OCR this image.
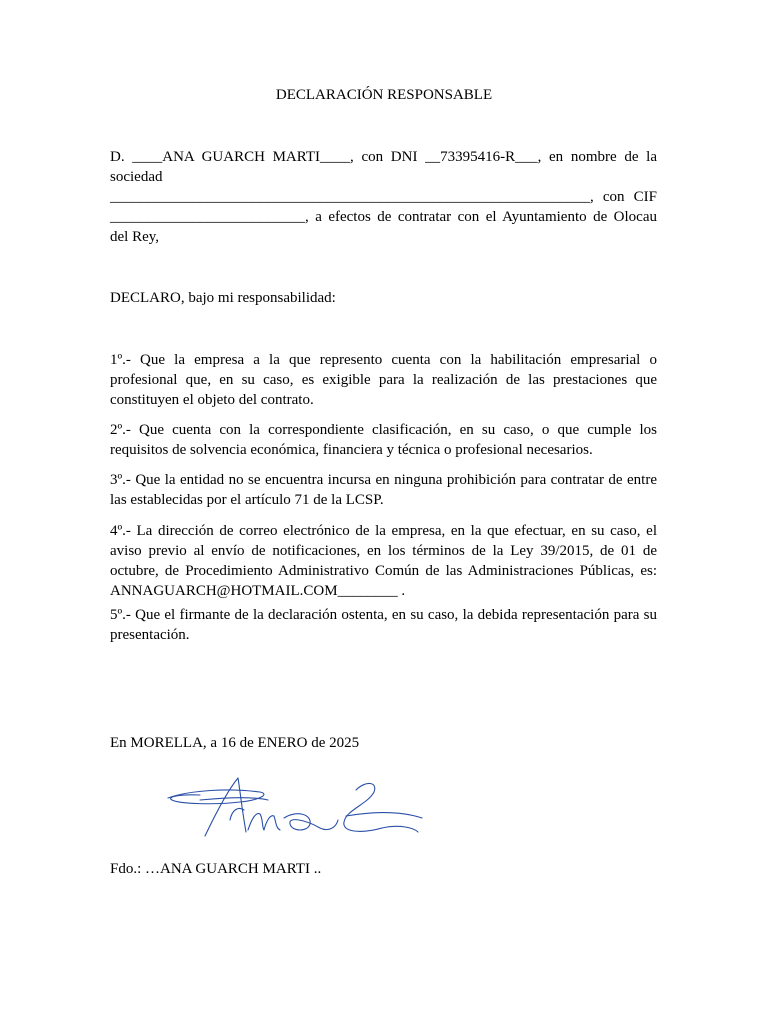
DECLARACIÓN RESPONSABLE
D. ____ANA GUARCH MARTI____, con DNI __73395416-R___, en nombre de la
sociedad
________________________________________________________________, con CIF
__________________________, a efectos de contratar con el Ayuntamiento de Olocau
del Rey,
DECLARO, bajo mi responsabilidad:

1º.- Que la empresa a la que represento cuenta con la habilitación empresarial o profesional que, en su caso, es exigible para la realización de las prestaciones que constituyen el objeto del contrato.

2º.- Que cuenta con la correspondiente clasificación, en su caso, o que cumple los requisitos de solvencia económica, financiera y técnica o profesional necesarios.

3º.- Que la entidad no se encuentra incursa en ninguna prohibición para contratar de entre las establecidas por el artículo 71 de la LCSP.

4º.- La dirección de correo electrónico de la empresa, en la que efectuar, en su caso, el aviso previo al envío de notificaciones, en los términos de la Ley 39/2015, de 01 de octubre, de Procedimiento Administrativo Común de las Administraciones Públicas, es: ANNAGUARCH@HOTMAIL.COM________ .

5º.- Que el firmante de la declaración ostenta, en su caso, la debida representación para su presentación.

En MORELLA, a 16 de ENERO de 2025
Fdo.: …ANA GUARCH MARTI ..
